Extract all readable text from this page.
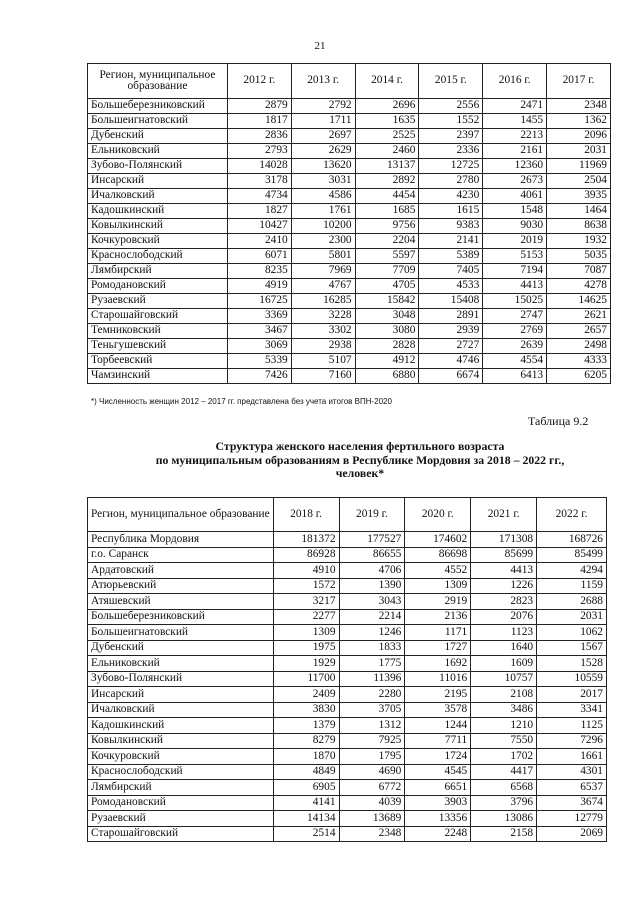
21
Регион, муниципальное образование	2012 г.	2013 г.	2014 г.	2015 г.	2016 г.	2017 г.
Большеберезниковский	2879	2792	2696	2556	2471	2348
Большеигнатовский	1817	1711	1635	1552	1455	1362
Дубенский	2836	2697	2525	2397	2213	2096
Ельниковский	2793	2629	2460	2336	2161	2031
Зубово-Полянский	14028	13620	13137	12725	12360	11969
Инсарский	3178	3031	2892	2780	2673	2504
Ичалковский	4734	4586	4454	4230	4061	3935
Кадошкинский	1827	1761	1685	1615	1548	1464
Ковылкинский	10427	10200	9756	9383	9030	8638
Кочкуровский	2410	2300	2204	2141	2019	1932
Краснослободский	6071	5801	5597	5389	5153	5035
Лямбирский	8235	7969	7709	7405	7194	7087
Ромодановский	4919	4767	4705	4533	4413	4278
Рузаевский	16725	16285	15842	15408	15025	14625
Старошайговский	3369	3228	3048	2891	2747	2621
Темниковский	3467	3302	3080	2939	2769	2657
Теньгушевский	3069	2938	2828	2727	2639	2498
Торбеевский	5339	5107	4912	4746	4554	4333
Чамзинский	7426	7160	6880	6674	6413	6205
*) Численность женщин 2012 – 2017 гг. представлена без учета итогов ВПН-2020
Таблица 9.2
Структура женского населения фертильного возраста
по муниципальным образованиям в Республике Мордовия за 2018 – 2022 гг.,
человек*
Регион, муниципальное образование	2018 г.	2019 г.	2020 г.	2021 г.	2022 г.
Республика Мордовия	181372	177527	174602	171308	168726
г.о. Саранск	86928	86655	86698	85699	85499
Ардатовский	4910	4706	4552	4413	4294
Атюрьевский	1572	1390	1309	1226	1159
Атяшевский	3217	3043	2919	2823	2688
Большеберезниковский	2277	2214	2136	2076	2031
Большеигнатовский	1309	1246	1171	1123	1062
Дубенский	1975	1833	1727	1640	1567
Ельниковский	1929	1775	1692	1609	1528
Зубово-Полянский	11700	11396	11016	10757	10559
Инсарский	2409	2280	2195	2108	2017
Ичалковский	3830	3705	3578	3486	3341
Кадошкинский	1379	1312	1244	1210	1125
Ковылкинский	8279	7925	7711	7550	7296
Кочкуровский	1870	1795	1724	1702	1661
Краснослободский	4849	4690	4545	4417	4301
Лямбирский	6905	6772	6651	6568	6537
Ромодановский	4141	4039	3903	3796	3674
Рузаевский	14134	13689	13356	13086	12779
Старошайговский	2514	2348	2248	2158	2069
